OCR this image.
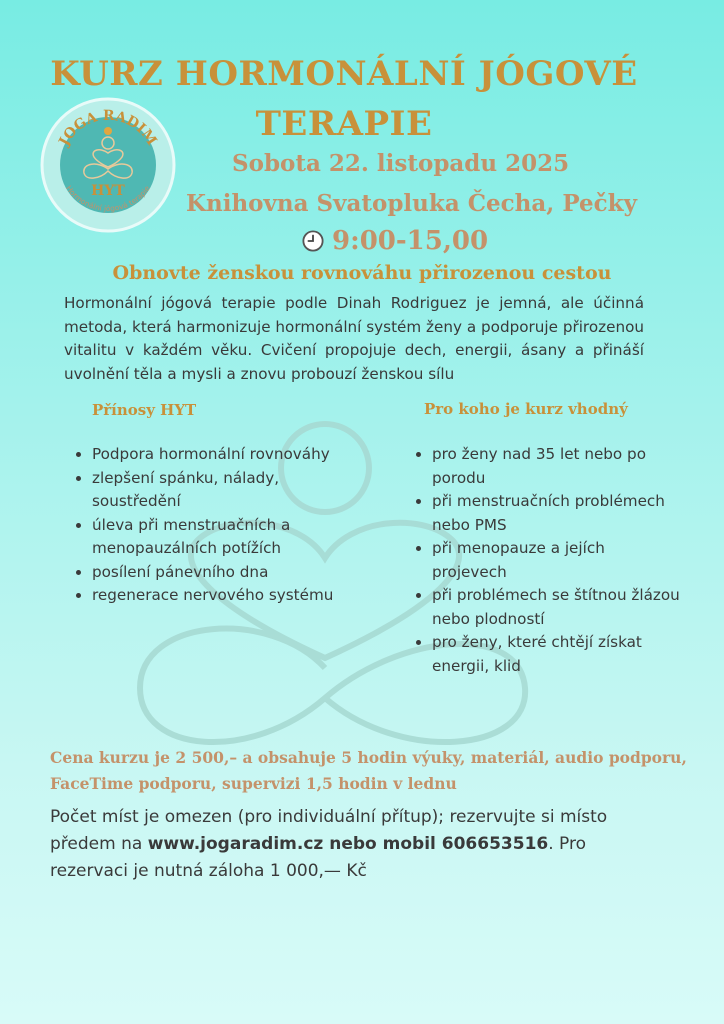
JOGA RADIM
Hormonální jógová terapie
HYT
KURZ HORMONÁLNÍ JÓGOVÉ
TERAPIE
Sobota 22. listopadu 2025
Knihovna Svatopluka Čecha, Pečky
9:00-15,00
Obnovte ženskou rovnováhu přirozenou cestou
Hormonální jógová terapie podle Dinah Rodriguez je jemná, ale účinná metoda, která harmonizuje hormonální systém ženy a podporuje přirozenou vitalitu v každém věku. Cvičení propojuje dech, energii, ásany a přináší uvolnění těla a mysli a znovu probouzí ženskou sílu
Přínosy HYT	Pro koho je kurz vhodný
• Podpora hormonální rovnováhy
• zlepšení spánku, nálady, soustředění
• úleva při menstruačních a menopauzálních potížích
• posílení pánevního dna
• regenerace nervového systému
• pro ženy nad 35 let nebo po porodu
• při menstruačních problémech nebo PMS
• při menopauze a jejích projevech
• při problémech se štítnou žlázou nebo plodností
• pro ženy, které chtějí získat energii, klid
Cena kurzu je 2 500,– a obsahuje 5 hodin výuky, materiál, audio podporu, FaceTime podporu, supervizi 1,5 hodin v lednu
Počet míst je omezen (pro individuální přítup); rezervujte si místo předem na www.jogaradim.cz nebo mobil 606653516. Pro rezervaci je nutná záloha 1 000,— Kč
